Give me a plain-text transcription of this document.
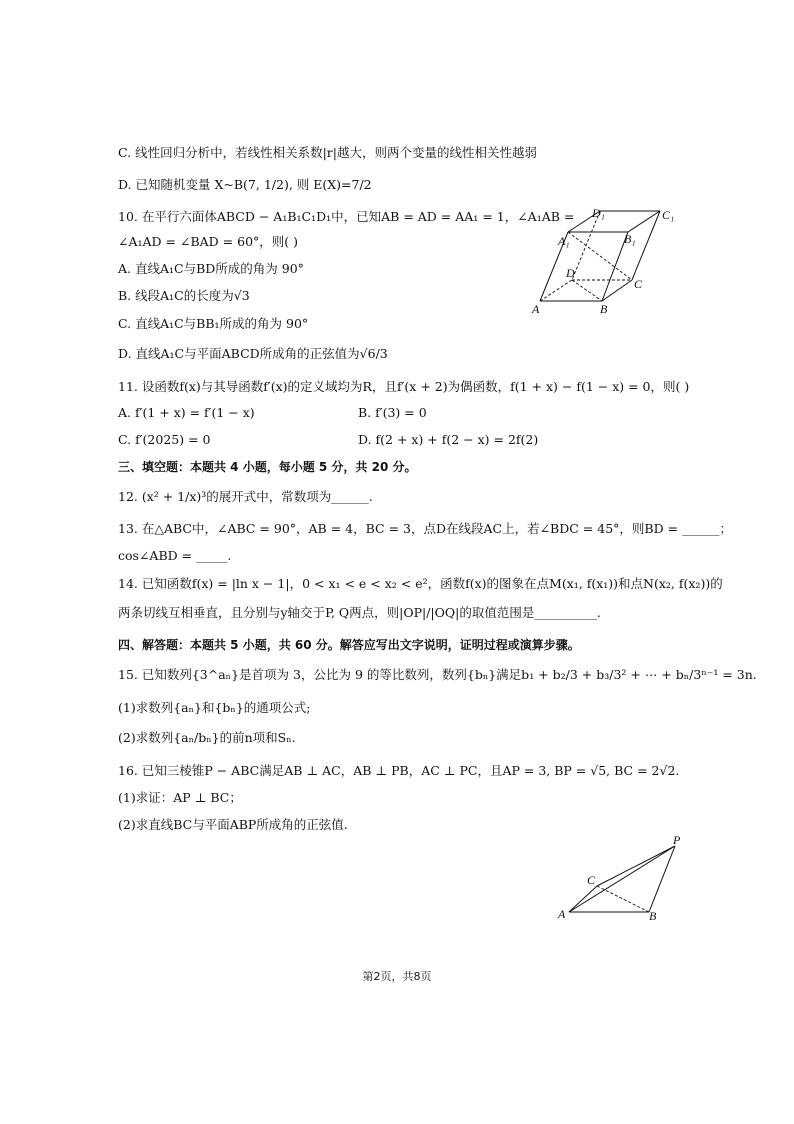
C. 线性回归分析中，若线性相关系数|r|越大，则两个变量的线性相关性越弱
D. 已知随机变量 X~B(7, 1/2), 则 E(X)=7/2
10. 在平行六面体ABCD − A₁B₁C₁D₁中，已知AB = AD = AA₁ = 1，∠A₁AB =
∠A₁AD = ∠BAD = 60°，则( )
A. 直线A₁C与BD所成的角为 90°
B. 线段A₁C的长度为√3
C. 直线A₁C与BB₁所成的角为 90°
D. 直线A₁C与平面ABCD所成角的正弦值为√6/3
11. 设函数f(x)与其导函数f′(x)的定义域均为R，且f′(x + 2)为偶函数，f(1 + x) − f(1 − x) = 0，则( )
A. f′(1 + x) = f′(1 − x)	B. f′(3) = 0
C. f′(2025) = 0	D. f(2 + x) + f(2 − x) = 2f(2)
三、填空题：本题共 4 小题，每小题 5 分，共 20 分。
12. (x² + 1/x)³的展开式中，常数项为______.
13. 在△ABC中，∠ABC = 90°，AB = 4，BC = 3，点D在线段AC上，若∠BDC = 45°，则BD = ______；
cos∠ABD = _____.
14. 已知函数f(x) = |ln x − 1|，0 < x₁ < e < x₂ < e²，函数f(x)的图象在点M(x₁, f(x₁))和点N(x₂, f(x₂))的
两条切线互相垂直，且分别与y轴交于P, Q两点，则|OP|/|OQ|的取值范围是__________.
四、解答题：本题共 5 小题，共 60 分。解答应写出文字说明，证明过程或演算步骤。
15. 已知数列{3^aₙ}是首项为 3，公比为 9 的等比数列，数列{bₙ}满足b₁ + b₂/3 + b₃/3² + ⋯ + bₙ/3ⁿ⁻¹ = 3n.
(1)求数列{aₙ}和{bₙ}的通项公式;
(2)求数列{aₙ/bₙ}的前n项和Sₙ.
16. 已知三棱锥P − ABC满足AB ⊥ AC，AB ⊥ PB，AC ⊥ PC，且AP = 3, BP = √5, BC = 2√2.
(1)求证：AP ⊥ BC；
(2)求直线BC与平面ABP所成角的正弦值.
D₁	C₁
A₁	B₁
D
C
A	B
P
C
A	B
第2页，共8页
